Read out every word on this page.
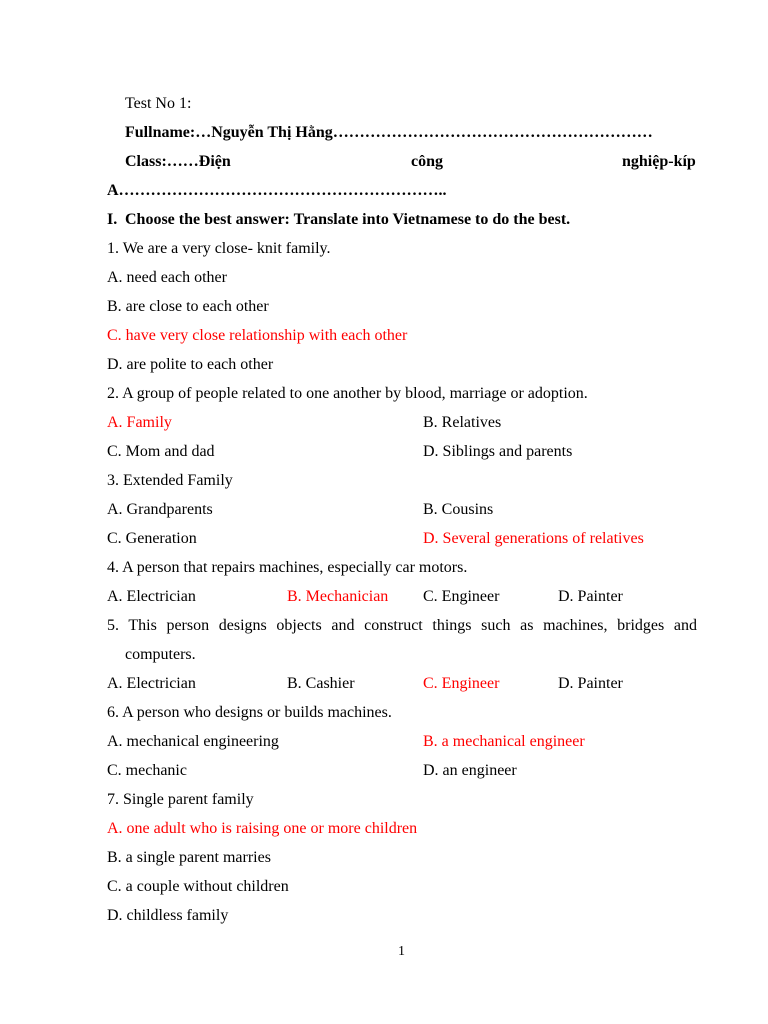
Test No 1:
Fullname:…Nguyễn Thị Hằng……………………………………………………
Class:……Điện	công	nghiệp-kíp
A……………………………………………………..
I. Choose the best answer: Translate into Vietnamese to do the best.
1. We are a very close- knit family.
A. need each other
B. are close to each other
C. have very close relationship with each other
D. are polite to each other
2. A group of people related to one another by blood, marriage or adoption.
A. Family	B. Relatives
C. Mom and dad	D. Siblings and parents
3. Extended Family
A. Grandparents	B. Cousins
C. Generation	D. Several generations of relatives
4. A person that repairs machines, especially car motors.
A. Electrician	B. Mechanician C. Engineer	D. Painter
5. This person designs objects and construct things such as machines, bridges and
computers.
A. Electrician	B. Cashier	C. Engineer	D. Painter
6. A person who designs or builds machines.
A. mechanical engineering	B. a mechanical engineer
C. mechanic	D. an engineer
7. Single parent family
A. one adult who is raising one or more children
B. a single parent marries
C. a couple without children
D. childless family
1
